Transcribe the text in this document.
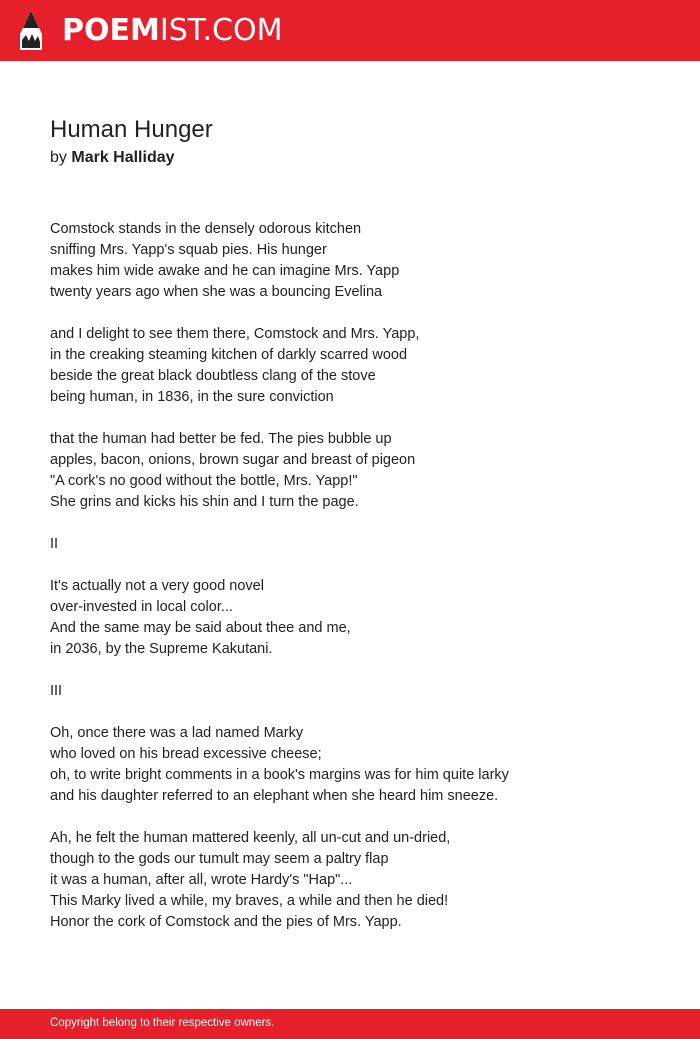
POEMIST.COM
Human Hunger
by Mark Halliday
Comstock stands in the densely odorous kitchen
sniffing Mrs. Yapp's squab pies. His hunger
makes him wide awake and he can imagine Mrs. Yapp
twenty years ago when she was a bouncing Evelina
and I delight to see them there, Comstock and Mrs. Yapp,
in the creaking steaming kitchen of darkly scarred wood
beside the great black doubtless clang of the stove
being human, in 1836, in the sure conviction
that the human had better be fed. The pies bubble up
apples, bacon, onions, brown sugar and breast of pigeon
"A cork's no good without the bottle, Mrs. Yapp!"
She grins and kicks his shin and I turn the page.
II
It's actually not a very good novel
over-invested in local color...
And the same may be said about thee and me,
in 2036, by the Supreme Kakutani.
III
Oh, once there was a lad named Marky
who loved on his bread excessive cheese;
oh, to write bright comments in a book's margins was for him quite larky
and his daughter referred to an elephant when she heard him sneeze.
Ah, he felt the human mattered keenly, all un-cut and un-dried,
though to the gods our tumult may seem a paltry flap
it was a human, after all, wrote Hardy's "Hap"...
This Marky lived a while, my braves, a while and then he died!
Honor the cork of Comstock and the pies of Mrs. Yapp.
Copyright belong to their respective owners.
